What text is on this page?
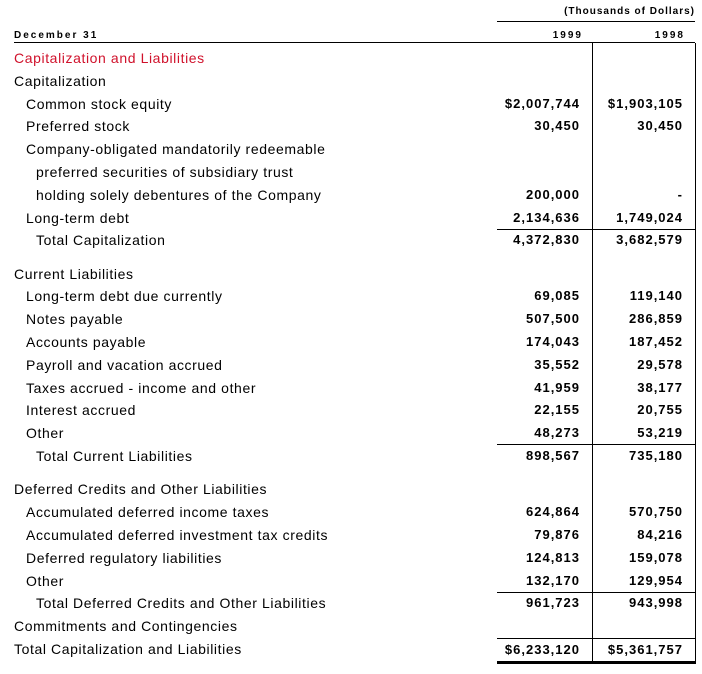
(Thousands of Dollars)
December 31	1999	1998
Capitalization and Liabilities
Capitalization
Common stock equity	$2,007,744	$1,903,105
Preferred stock	30,450	30,450
Company-obligated mandatorily redeemable
preferred securities of subsidiary trust
holding solely debentures of the Company	200,000	-
Long-term debt	2,134,636	1,749,024
Total Capitalization	4,372,830	3,682,579
Current Liabilities
Long-term debt due currently	69,085	119,140
Notes payable	507,500	286,859
Accounts payable	174,043	187,452
Payroll and vacation accrued	35,552	29,578
Taxes accrued - income and other	41,959	38,177
Interest accrued	22,155	20,755
Other	48,273	53,219
Total Current Liabilities	898,567	735,180
Deferred Credits and Other Liabilities
Accumulated deferred income taxes	624,864	570,750
Accumulated deferred investment tax credits	79,876	84,216
Deferred regulatory liabilities	124,813	159,078
Other	132,170	129,954
Total Deferred Credits and Other Liabilities	961,723	943,998
Commitments and Contingencies
Total Capitalization and Liabilities	$6,233,120	$5,361,757
